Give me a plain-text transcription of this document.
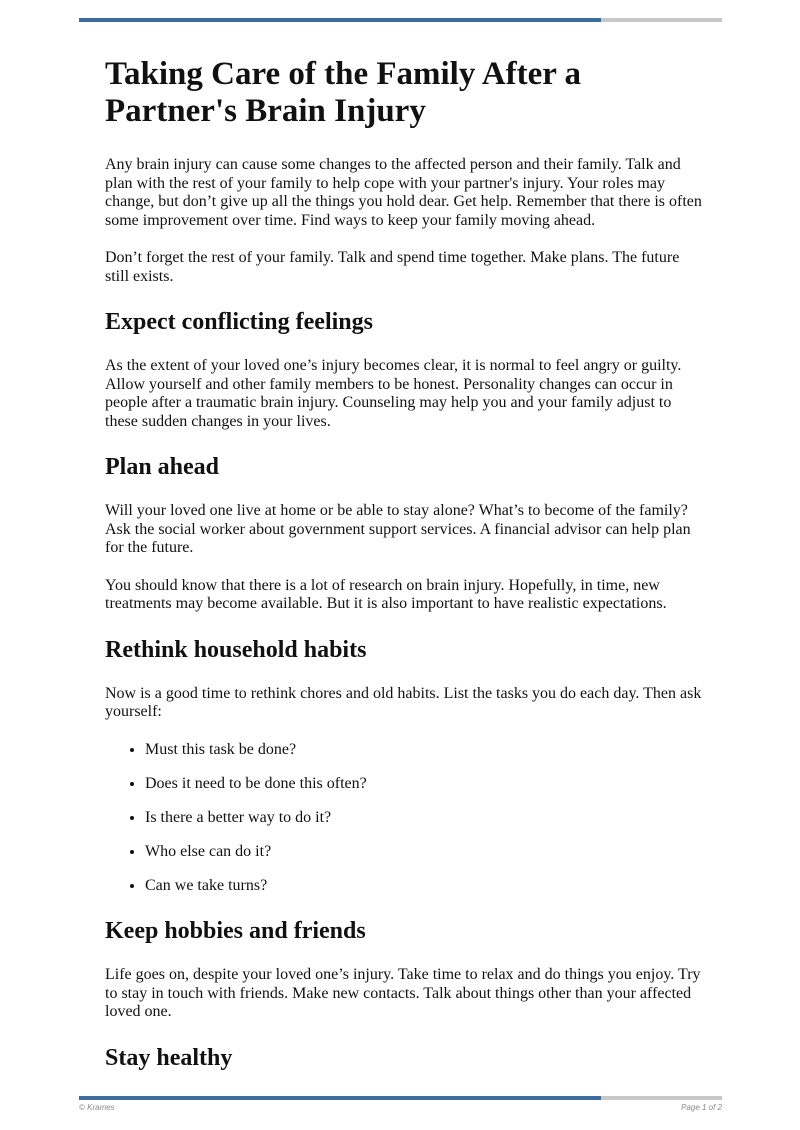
Taking Care of the Family After a Partner's Brain Injury

Any brain injury can cause some changes to the affected person and their family. Talk and plan with the rest of your family to help cope with your partner's injury. Your roles may change, but don’t give up all the things you hold dear. Get help. Remember that there is often some improvement over time. Find ways to keep your family moving ahead.

Don’t forget the rest of your family. Talk and spend time together. Make plans. The future still exists.

Expect conflicting feelings

As the extent of your loved one’s injury becomes clear, it is normal to feel angry or guilty. Allow yourself and other family members to be honest. Personality changes can occur in people after a traumatic brain injury. Counseling may help you and your family adjust to these sudden changes in your lives.

Plan ahead

Will your loved one live at home or be able to stay alone? What’s to become of the family? Ask the social worker about government support services. A financial advisor can help plan for the future.

You should know that there is a lot of research on brain injury. Hopefully, in time, new treatments may become available. But it is also important to have realistic expectations.

Rethink household habits

Now is a good time to rethink chores and old habits. List the tasks you do each day. Then ask yourself:

• Must this task be done?
• Does it need to be done this often?
• Is there a better way to do it?
• Who else can do it?
• Can we take turns?
Keep hobbies and friends

Life goes on, despite your loved one’s injury. Take time to relax and do things you enjoy. Try to stay in touch with friends. Make new contacts. Talk about things other than your affected loved one.

Stay healthy
© Krames	Page 1 of 2
